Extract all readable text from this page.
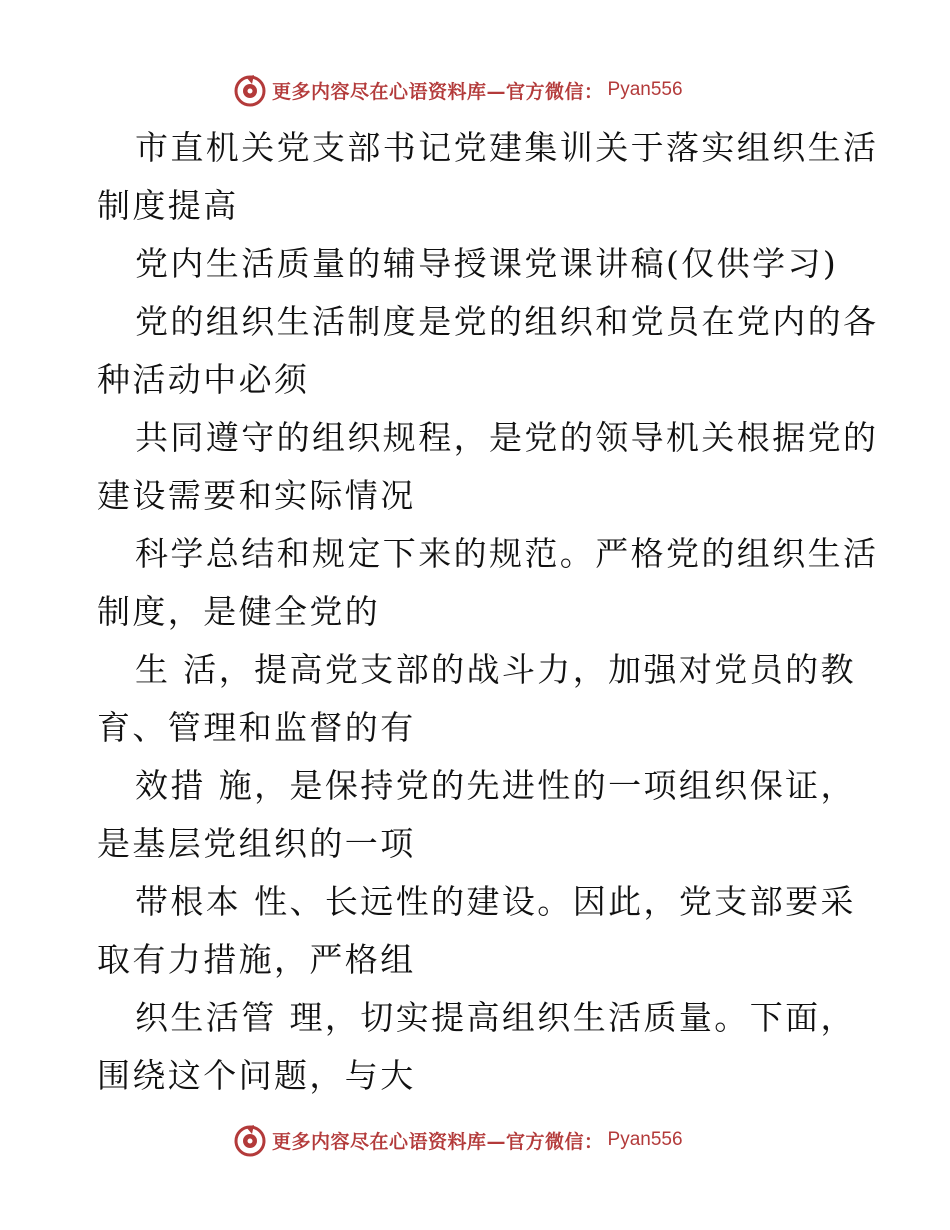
更多内容尽在心语资料库—官方微信： Pyan556
市直机关党支部书记党建集训关于落实组织生活
制度提高
党内生活质量的辅导授课党课讲稿(仅供学习)
党的组织生活制度是党的组织和党员在党内的各
种活动中必须
共同遵守的组织规程，是党的领导机关根据党的
建设需要和实际情况
科学总结和规定下来的规范。严格党的组织生活
制度，是健全党的
生 活，提高党支部的战斗力，加强对党员的教
育、管理和监督的有
效措 施，是保持党的先进性的一项组织保证，
是基层党组织的一项
带根本 性、长远性的建设。因此，党支部要采
取有力措施，严格组
织生活管 理，切实提高组织生活质量。下面，
围绕这个问题，与大
更多内容尽在心语资料库—官方微信： Pyan556
